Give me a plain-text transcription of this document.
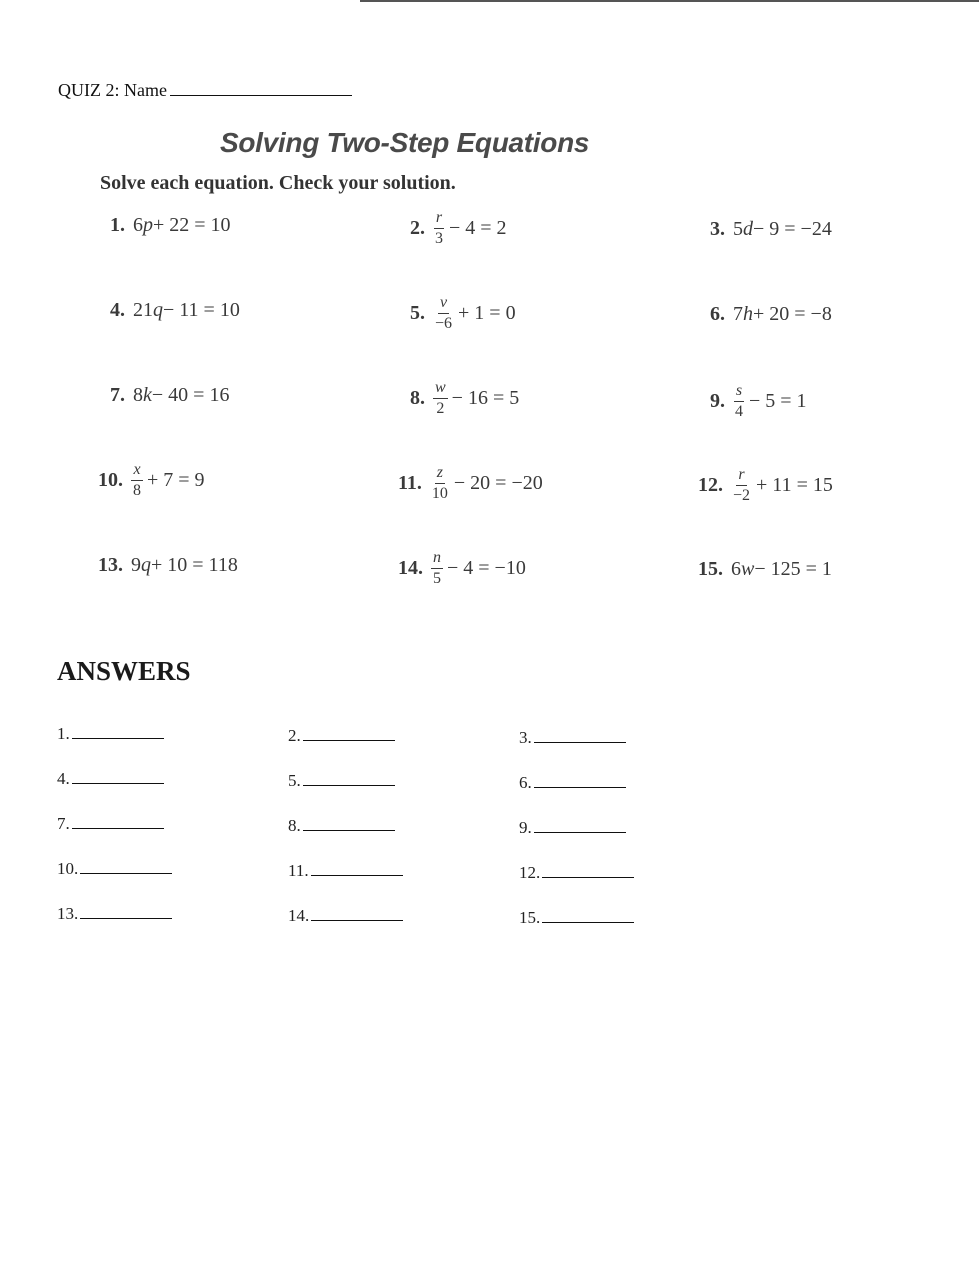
QUIZ 2: Name
Solving Two-Step Equations
Solve each equation. Check your solution.
1. 6 p + 22 = 10	2. $\frac{r}{3} - 4 = 2$	3. 5 d − 9 = −24
4. 21 q − 11 = 10	5. $\frac{v}{-6} + 1 = 0$	6. 7 h + 20 = −8
7. 8 k − 40 = 16	8. $\frac{w}{2} - 16 = 5$	9. $\frac{s}{4} - 5 = 1$
10. $\frac{x}{8} + 7 = 9$	11. $\frac{z}{10} - 20 = -20$	12. $\frac{r}{-2} + 11 = 15$
13. 9 q + 10 = 118	14. $\frac{n}{5} - 4 = -10$	15. 6 w − 125 = 1
ANSWERS
1.	2.	3.
4.	5.	6.
7.	8.	9.
10.	11.	12.
13.	14.	15.
